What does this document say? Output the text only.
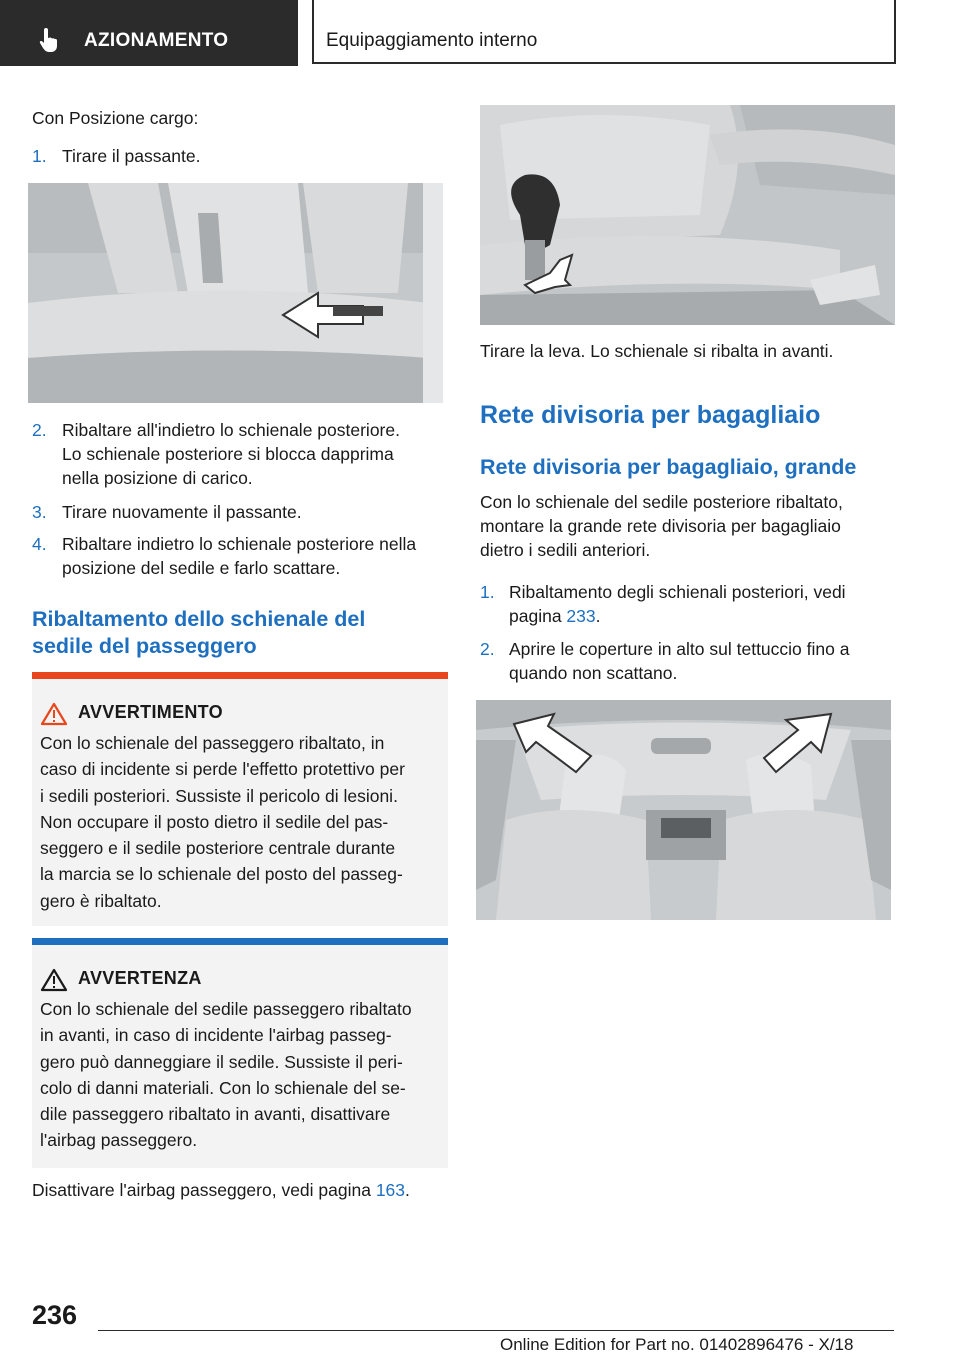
AZIONAMENTO	Equipaggiamento interno
Con Posizione cargo:
1. Tirare il passante.
2. Ribaltare all'indietro lo schienale posteriore.
Lo schienale posteriore si blocca dapprima
nella posizione di carico.
3. Tirare nuovamente il passante.
4. Ribaltare indietro lo schienale posteriore nella
posizione del sedile e farlo scattare.
Ribaltamento dello schienale del
sedile del passeggero
AVVERTIMENTO
Con lo schienale del passeggero ribaltato, in
caso di incidente si perde l'effetto protettivo per
i sedili posteriori. Sussiste il pericolo di lesioni.
Non occupare il posto dietro il sedile del pas-
seggero e il sedile posteriore centrale durante
la marcia se lo schienale del posto del passeg-
gero è ribaltato.
AVVERTENZA
Con lo schienale del sedile passeggero ribaltato
in avanti, in caso di incidente l'airbag passeg-
gero può danneggiare il sedile. Sussiste il peri-
colo di danni materiali. Con lo schienale del se-
dile passeggero ribaltato in avanti, disattivare
l'airbag passeggero.
Disattivare l'airbag passeggero, vedi pagina 163.
Tirare la leva. Lo schienale si ribalta in avanti.
Rete divisoria per bagagliaio
Rete divisoria per bagagliaio, grande
Con lo schienale del sedile posteriore ribaltato,
montare la grande rete divisoria per bagagliaio
dietro i sedili anteriori.
1. Ribaltamento degli schienali posteriori, vedi
pagina 233.
2. Aprire le coperture in alto sul tettuccio fino a
quando non scattano.
236
Online Edition for Part no. 01402896476 - X/18
